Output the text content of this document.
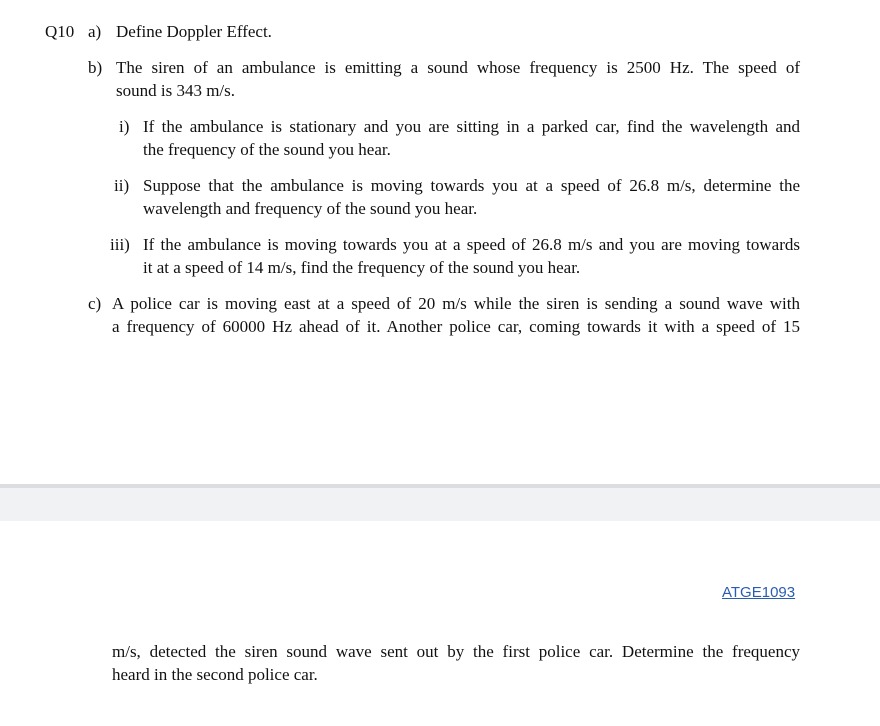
Q10 a) Define Doppler Effect.
b) The siren of an ambulance is emitting a sound whose frequency is 2500 Hz. The speed of
sound is 343 m/s.
i) If the ambulance is stationary and you are sitting in a parked car, find the wavelength and
the frequency of the sound you hear.
ii) Suppose that the ambulance is moving towards you at a speed of 26.8 m/s, determine the
wavelength and frequency of the sound you hear.
iii) If the ambulance is moving towards you at a speed of 26.8 m/s and you are moving towards
it at a speed of 14 m/s, find the frequency of the sound you hear.
c) A police car is moving east at a speed of 20 m/s while the siren is sending a sound wave with
a frequency of 60000 Hz ahead of it. Another police car, coming towards it with a speed of 15
ATGE1093
m/s, detected the siren sound wave sent out by the first police car. Determine the frequency
heard in the second police car.
